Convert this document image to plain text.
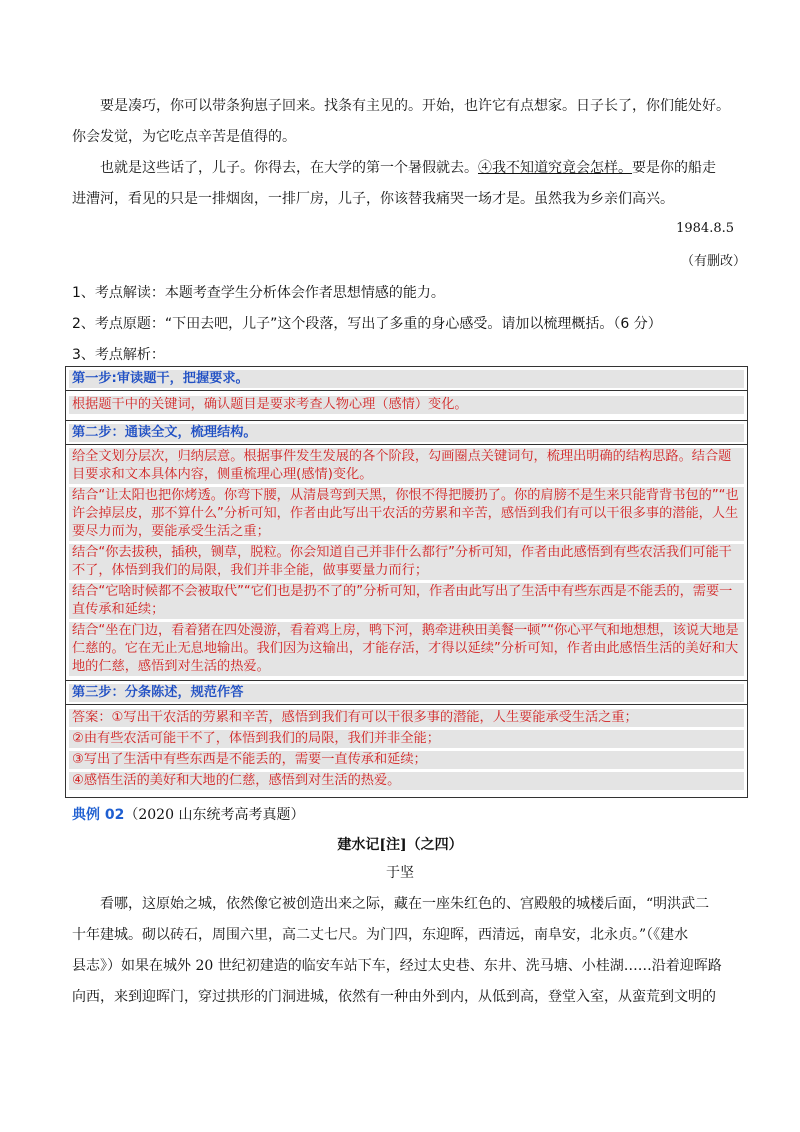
要是凑巧，你可以带条狗崽子回来。找条有主见的。开始，也许它有点想家。日子长了，你们能处好。
你会发觉，为它吃点辛苦是值得的。
也就是这些话了，儿子。你得去，在大学的第一个暑假就去。④我不知道究竟会怎样。要是你的船走
进漕河，看见的只是一排烟囱，一排厂房，儿子，你该替我痛哭一场才是。虽然我为乡亲们高兴。
1984.8.5
（有删改）
1、考点解读：本题考查学生分析体会作者思想情感的能力。
2、考点原题：“下田去吧，儿子”这个段落，写出了多重的身心感受。请加以梳理概括。（6 分）
3、考点解析：
第一步:审读题干，把握要求。
根据题干中的关键词，确认题目是要求考查人物心理（感情）变化。
第二步：通读全文，梳理结构。
给全文划分层次，归纳层意。根据事件发生发展的各个阶段，勾画圈点关键词句，梳理出明确的结构思路。结合题目要求和文本具体内容，侧重梳理心理(感情)变化。
结合“让太阳也把你烤透。你弯下腰，从清晨弯到天黑，你恨不得把腰扔了。你的肩膀不是生来只能背背书包的”“也许会掉层皮，那不算什么”分析可知，作者由此写出干农活的劳累和辛苦，感悟到我们有可以干很多事的潜能，人生要尽力而为，要能承受生活之重；
结合“你去拔秧，插秧，铡草，脱粒。你会知道自己并非什么都行”分析可知，作者由此感悟到有些农活我们可能干不了，体悟到我们的局限，我们并非全能，做事要量力而行；
结合“它啥时候都不会被取代”“它们也是扔不了的”分析可知，作者由此写出了生活中有些东西是不能丢的，需要一直传承和延续；
结合“坐在门边，看着猪在四处漫游，看着鸡上房，鸭下河，鹅牵进秧田美餐一顿”“你心平气和地想想，该说大地是仁慈的。它在无止无息地输出。我们因为这输出，才能存活，才得以延续”分析可知，作者由此感悟生活的美好和大地的仁慈，感悟到对生活的热爱。
第三步：分条陈述，规范作答
答案：①写出干农活的劳累和辛苦，感悟到我们有可以干很多事的潜能，人生要能承受生活之重；
②由有些农活可能干不了，体悟到我们的局限，我们并非全能；
③写出了生活中有些东西是不能丢的，需要一直传承和延续；
④感悟生活的美好和大地的仁慈，感悟到对生活的热爱。
典例 02（2020 山东统考高考真题）
建水记[注]（之四）
于坚
看哪，这原始之城，依然像它被创造出来之际，藏在一座朱红色的、宫殿般的城楼后面，“明洪武二
十年建城。砌以砖石，周围六里，高二丈七尺。为门四，东迎晖，西清远，南阜安，北永贞。”（《建水
县志》）如果在城外 20 世纪初建造的临安车站下车，经过太史巷、东井、洗马塘、小桂湖……沿着迎晖路
向西，来到迎晖门，穿过拱形的门洞进城，依然有一种由外到内，从低到高，登堂入室，从蛮荒到文明的
